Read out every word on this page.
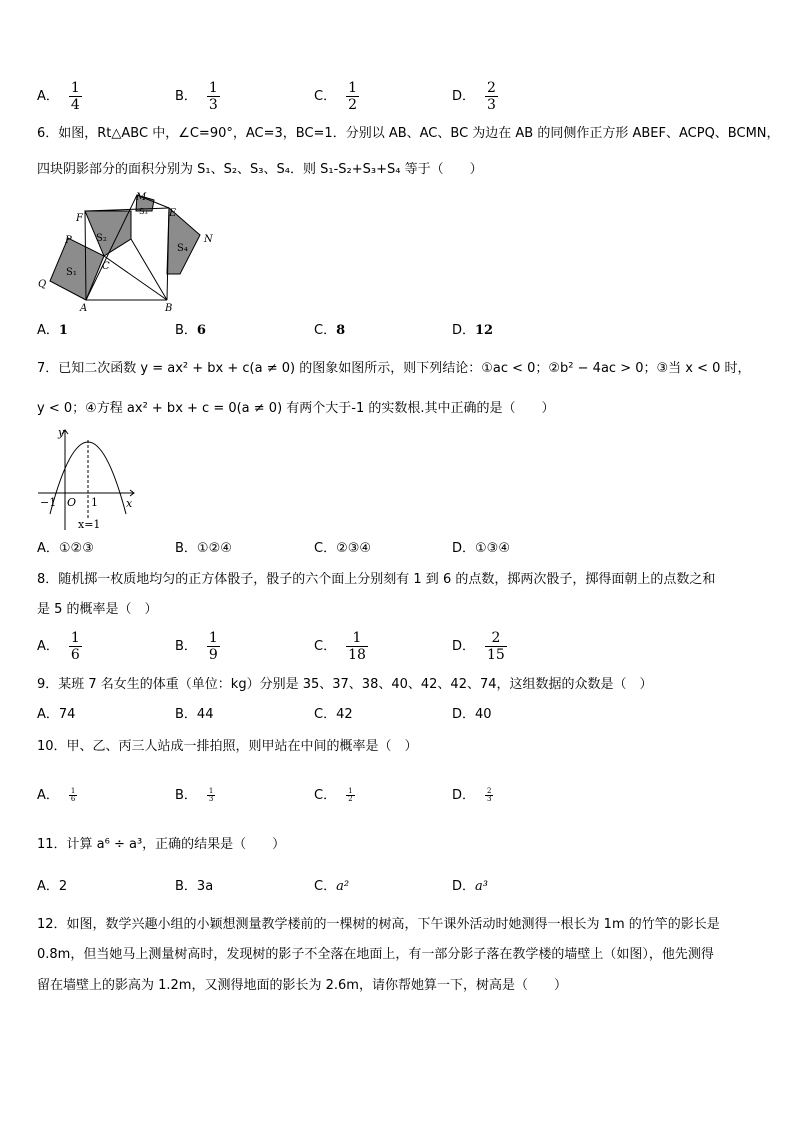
A． $\frac{1}{4}$	B． $\frac{1}{3}$	C． $\frac{1}{2}$	D． $\frac{2}{3}$
6．如图，Rt△ABC 中，∠C=90°，AC=3，BC=1．分别以 AB、AC、BC 为边在 AB 的同侧作正方形 ABEF、ACPQ、BCMN，
四块阴影部分的面积分别为 S₁、S₂、S₃、S₄．则 S₁-S₂+S₃+S₄ 等于（　　）
M
F
S₃ E
N
P S₂
S₄
C
S₁
Q
A	B
A．1	B．6	C．8	D．12
7．已知二次函数 y = ax² + bx + c(a ≠ 0) 的图象如图所示，则下列结论：①ac < 0；②b² − 4ac > 0；③当 x < 0 时，
y < 0；④方程 ax² + bx + c = 0(a ≠ 0) 有两个大于-1 的实数根.其中正确的是（　　）
y
x
O
−1	1
x=1
A．①②③	B．①②④	C．②③④	D．①③④
8．随机掷一枚质地均匀的正方体骰子，骰子的六个面上分别刻有 1 到 6 的点数，掷两次骰子，掷得面朝上的点数之和
是 5 的概率是（　）
A． $\frac{1}{6}$	B． $\frac{1}{9}$	C． $\frac{1}{18}$	D． $\frac{2}{15}$
9．某班 7 名女生的体重（单位：kg）分别是 35、37、38、40、42、42、74，这组数据的众数是（　）
A．74	B．44	C．42	D．40
10．甲、乙、丙三人站成一排拍照，则甲站在中间的概率是（　）
A． $\frac{1}{6}$	B． $\frac{1}{3}$	C． $\frac{1}{2}$	D． $\frac{2}{3}$
11．计算 a⁶ ÷ a³，正确的结果是（　　）
A．2	B．3a	C．a²	D．a³
12．如图，数学兴趣小组的小颖想测量教学楼前的一棵树的树高，下午课外活动时她测得一根长为 1m 的竹竿的影长是
0.8m，但当她马上测量树高时，发现树的影子不全落在地面上，有一部分影子落在教学楼的墙壁上（如图），他先测得
留在墙壁上的影高为 1.2m，又测得地面的影长为 2.6m，请你帮她算一下，树高是（　　）
